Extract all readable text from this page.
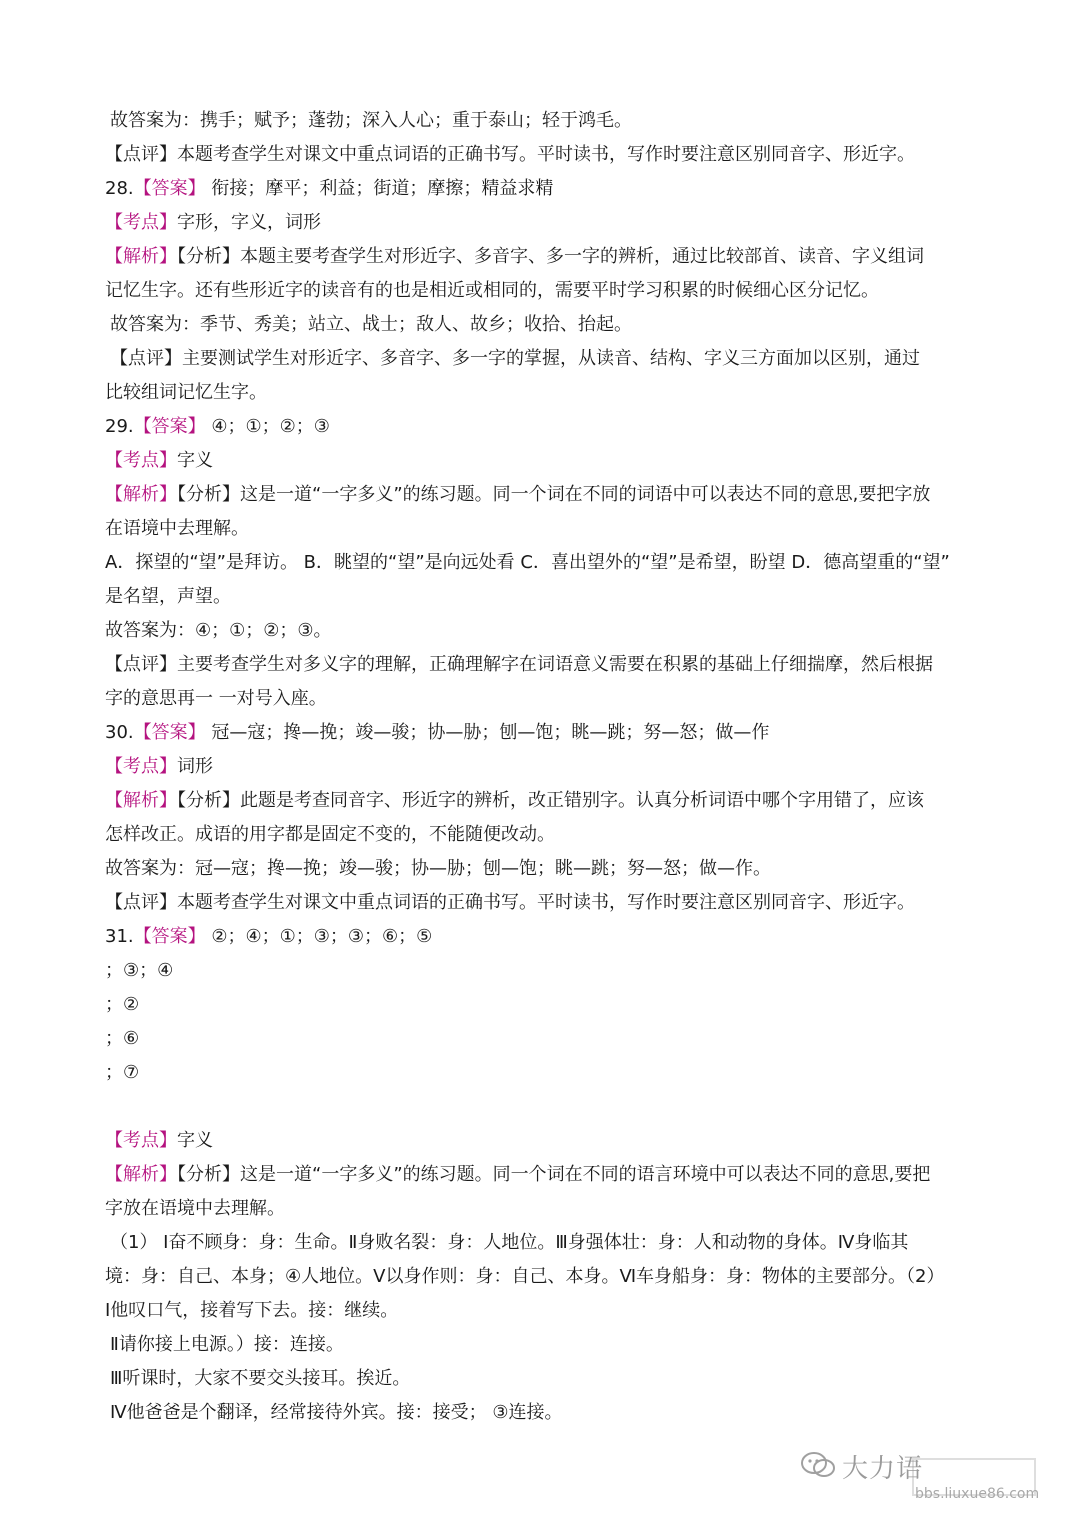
故答案为：携手；赋予；蓬勃；深入人心；重于泰山；轻于鸿毛。
【点评】本题考查学生对课文中重点词语的正确书写。平时读书，写作时要注意区别同音字、形近字。
28.【答案】 衔接；摩平；利益；街道；摩擦；精益求精
【考点】字形，字义，词形
【解析】【分析】本题主要考查学生对形近字、多音字、多一字的辨析，通过比较部首、读音、字义组词
记忆生字。还有些形近字的读音有的也是相近或相同的，需要平时学习积累的时候细心区分记忆。
故答案为：季节、秀美；站立、战士；敌人、故乡；收拾、抬起。
【点评】主要测试学生对形近字、多音字、多一字的掌握，从读音、结构、字义三方面加以区别，通过
比较组词记忆生字。
29.【答案】 ④；①；②；③
【考点】字义
【解析】【分析】这是一道“一字多义”的练习题。同一个词在不同的词语中可以表达不同的意思,要把字放
在语境中去理解。
A．探望的“望”是拜访。 B．眺望的“望”是向远处看 C．喜出望外的“望”是希望，盼望 D．德高望重的“望”
是名望，声望。
故答案为：④；①；②；③。
【点评】主要考查学生对多义字的理解，正确理解字在词语意义需要在积累的基础上仔细揣摩，然后根据
字的意思再一 一对号入座。
30.【答案】 冠—寇；搀—挽；竣—骏；协—胁；刨—饱；眺—跳；努—怒；做—作
【考点】词形
【解析】【分析】此题是考查同音字、形近字的辨析，改正错别字。认真分析词语中哪个字用错了，应该
怎样改正。成语的用字都是固定不变的，不能随便改动。
故答案为：冠—寇；搀—挽；竣—骏；协—胁；刨—饱；眺—跳；努—怒；做—作。
【点评】本题考查学生对课文中重点词语的正确书写。平时读书，写作时要注意区别同音字、形近字。
31.【答案】 ②；④；①；③；③；⑥；⑤
；③；④
；②
；⑥
；⑦
【考点】字义
【解析】【分析】这是一道“一字多义”的练习题。同一个词在不同的语言环境中可以表达不同的意思,要把
字放在语境中去理解。
（1） Ⅰ奋不顾身：身：生命。Ⅱ身败名裂：身：人地位。Ⅲ身强体壮：身：人和动物的身体。Ⅳ身临其
境：身：自己、本身；④人地位。Ⅴ以身作则：身：自己、本身。Ⅵ车身船身：身：物体的主要部分。（2）
Ⅰ他叹口气，接着写下去。接：继续。
Ⅱ请你接上电源。）接：连接。
Ⅲ听课时，大家不要交头接耳。挨近。
Ⅳ他爸爸是个翻译，经常接待外宾。接：接受； ③连接。
大力语
bbs.liuxue86.com
